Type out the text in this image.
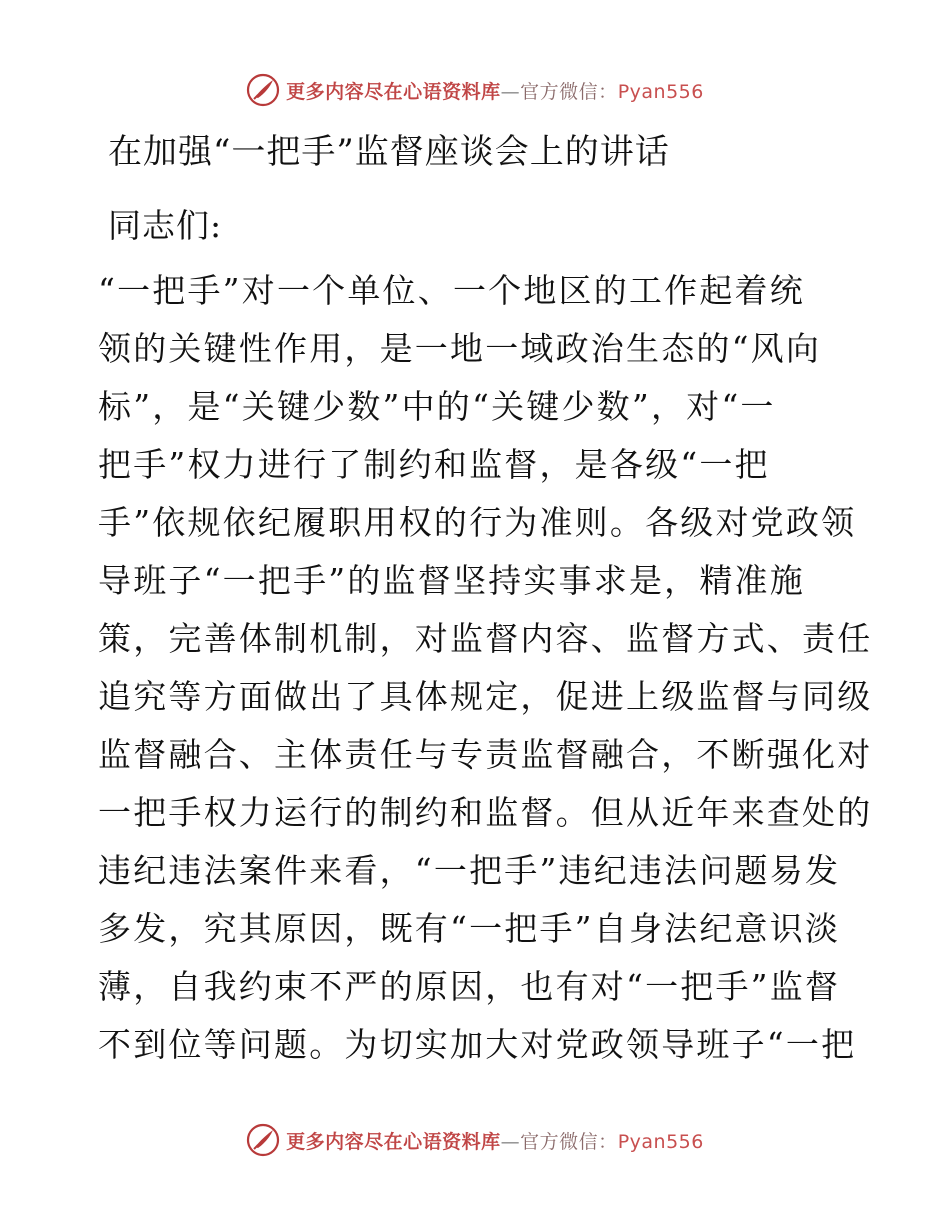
更多内容尽在心语资料库—官方微信：Pyan556
在加强“一把手”监督座谈会上的讲话
同志们:
“一把手”对一个单位、一个地区的工作起着统
领的关键性作用，是一地一域政治生态的“风向
标”，是“关键少数”中的“关键少数”，对“一
把手”权力进行了制约和监督，是各级“一把
手”依规依纪履职用权的行为准则。各级对党政领
导班子“一把手”的监督坚持实事求是，精准施
策，完善体制机制，对监督内容、监督方式、责任
追究等方面做出了具体规定，促进上级监督与同级
监督融合、主体责任与专责监督融合，不断强化对
一把手权力运行的制约和监督。但从近年来查处的
违纪违法案件来看，“一把手”违纪违法问题易发
多发，究其原因，既有“一把手”自身法纪意识淡
薄，自我约束不严的原因，也有对“一把手”监督
不到位等问题。为切实加大对党政领导班子“一把
更多内容尽在心语资料库—官方微信：Pyan556
